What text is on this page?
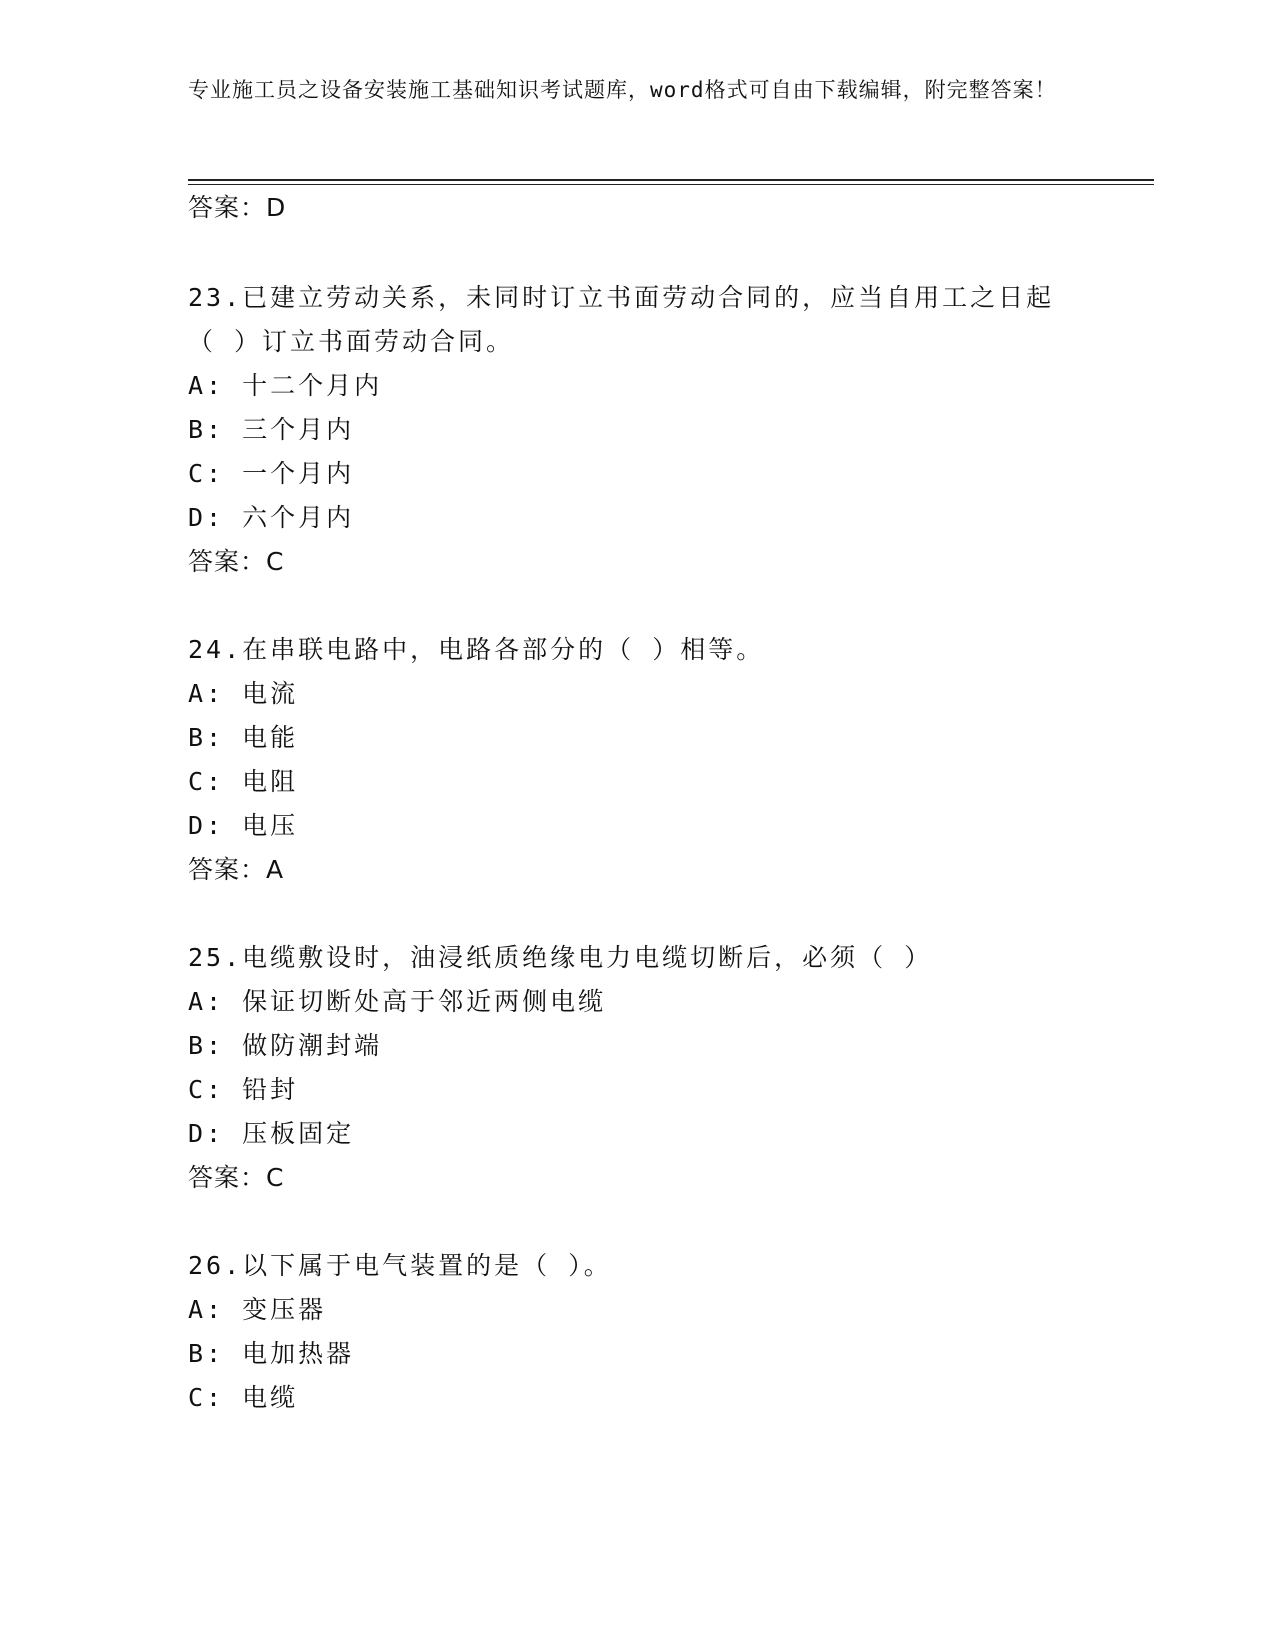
专业施工员之设备安装施工基础知识考试题库，word格式可自由下载编辑，附完整答案！
答案：D
23.已建立劳动关系，未同时订立书面劳动合同的，应当自用工之日起
（ ）订立书面劳动合同。
A: 十二个月内
B: 三个月内
C: 一个月内
D: 六个月内
答案：C
24.在串联电路中，电路各部分的（ ）相等。
A: 电流
B: 电能
C: 电阻
D: 电压
答案：A
25.电缆敷设时，油浸纸质绝缘电力电缆切断后，必须（ ）
A: 保证切断处高于邻近两侧电缆
B: 做防潮封端
C: 铅封
D: 压板固定
答案：C
26.以下属于电气装置的是（ ）。
A: 变压器
B: 电加热器
C: 电缆
